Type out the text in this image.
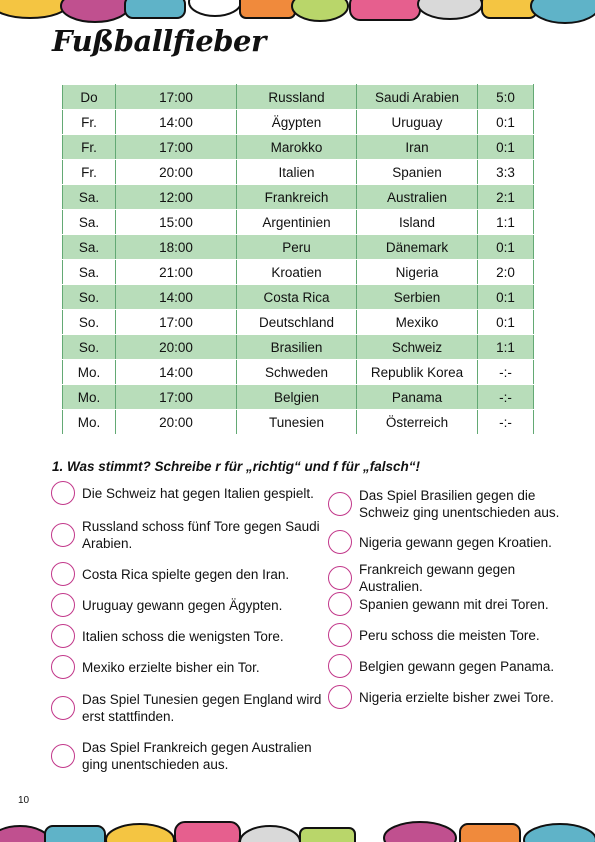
Fußballfieber
Do	17:00	Russland	Saudi Arabien	5:0
Fr.	14:00	Ägypten	Uruguay	0:1
Fr.	17:00	Marokko	Iran	0:1
Fr.	20:00	Italien	Spanien	3:3
Sa.	12:00	Frankreich	Australien	2:1
Sa.	15:00	Argentinien	Island	1:1
Sa.	18:00	Peru	Dänemark	0:1
Sa.	21:00	Kroatien	Nigeria	2:0
So.	14:00	Costa Rica	Serbien	0:1
So.	17:00	Deutschland	Mexiko	0:1
So.	20:00	Brasilien	Schweiz	1:1
Mo.	14:00	Schweden	Republik Korea	-:-
Mo.	17:00	Belgien	Panama	-:-
Mo.	20:00	Tunesien	Österreich	-:-

1. Was stimmt? Schreibe r für „richtig“ und f für „falsch“!

Die Schweiz hat gegen Italien gespielt.
Russland schoss fünf Tore gegen Saudi Arabien.
Costa Rica spielte gegen den Iran.
Uruguay gewann gegen Ägypten.
Italien schoss die wenigsten Tore.
Mexiko erzielte bisher ein Tor.
Das Spiel Tunesien gegen England wird erst stattfinden.
Das Spiel Frankreich gegen Australien ging unentschieden aus.
Das Spiel Brasilien gegen die Schweiz ging unentschieden aus.
Nigeria gewann gegen Kroatien.
Frankreich gewann gegen Australien.
Spanien gewann mit drei Toren.
Peru schoss die meisten Tore.
Belgien gewann gegen Panama.
Nigeria erzielte bisher zwei Tore.
10
